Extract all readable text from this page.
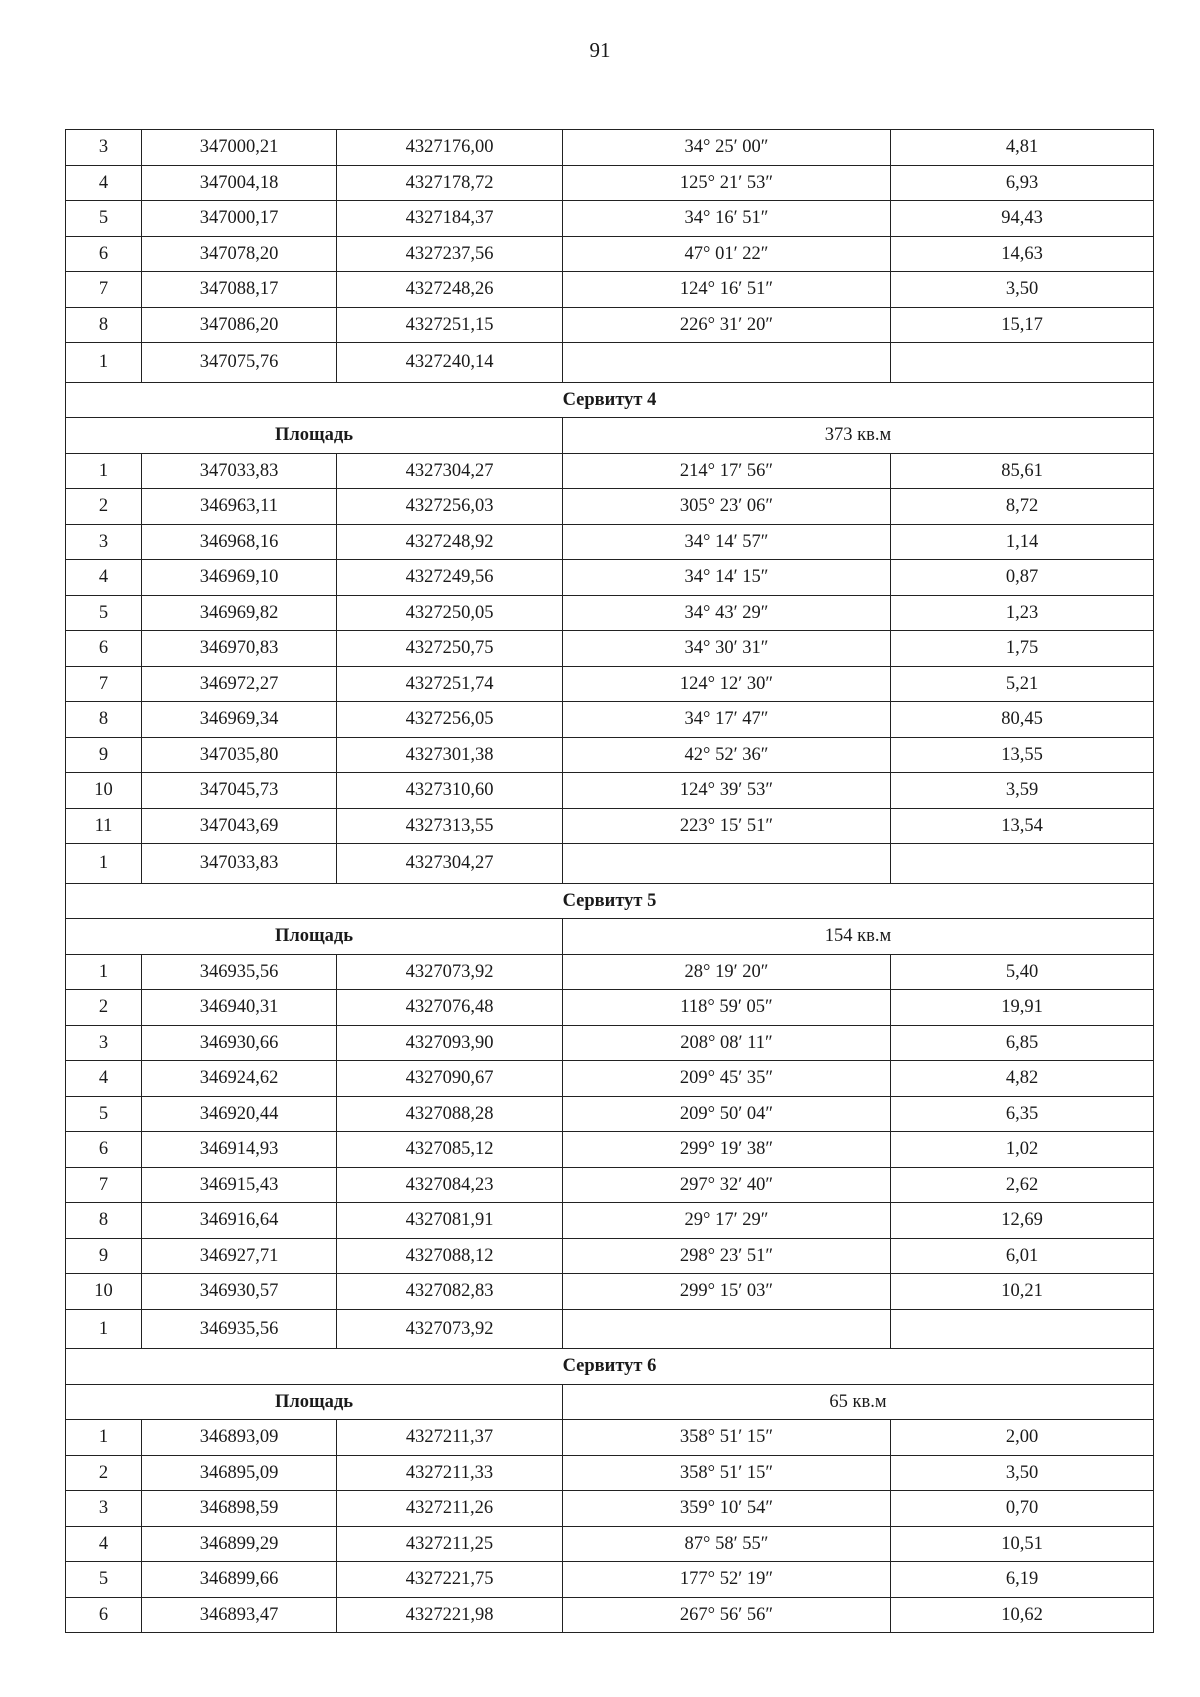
91
3	347000,21	4327176,00	34° 25′ 00″	4,81
4	347004,18	4327178,72	125° 21′ 53″	6,93
5	347000,17	4327184,37	34° 16′ 51″	94,43
6	347078,20	4327237,56	47° 01′ 22″	14,63
7	347088,17	4327248,26	124° 16′ 51″	3,50
8	347086,20	4327251,15	226° 31′ 20″	15,17
1	347075,76	4327240,14		
Сервитут 4				
Площадь			373 кв.м	
1	347033,83	4327304,27	214° 17′ 56″	85,61
2	346963,11	4327256,03	305° 23′ 06″	8,72
3	346968,16	4327248,92	34° 14′ 57″	1,14
4	346969,10	4327249,56	34° 14′ 15″	0,87
5	346969,82	4327250,05	34° 43′ 29″	1,23
6	346970,83	4327250,75	34° 30′ 31″	1,75
7	346972,27	4327251,74	124° 12′ 30″	5,21
8	346969,34	4327256,05	34° 17′ 47″	80,45
9	347035,80	4327301,38	42° 52′ 36″	13,55
10	347045,73	4327310,60	124° 39′ 53″	3,59
11	347043,69	4327313,55	223° 15′ 51″	13,54
1	347033,83	4327304,27		
Сервитут 5				
Площадь			154 кв.м	
1	346935,56	4327073,92	28° 19′ 20″	5,40
2	346940,31	4327076,48	118° 59′ 05″	19,91
3	346930,66	4327093,90	208° 08′ 11″	6,85
4	346924,62	4327090,67	209° 45′ 35″	4,82
5	346920,44	4327088,28	209° 50′ 04″	6,35
6	346914,93	4327085,12	299° 19′ 38″	1,02
7	346915,43	4327084,23	297° 32′ 40″	2,62
8	346916,64	4327081,91	29° 17′ 29″	12,69
9	346927,71	4327088,12	298° 23′ 51″	6,01
10	346930,57	4327082,83	299° 15′ 03″	10,21
1	346935,56	4327073,92		
Сервитут 6				
Площадь			65 кв.м	
1	346893,09	4327211,37	358° 51′ 15″	2,00
2	346895,09	4327211,33	358° 51′ 15″	3,50
3	346898,59	4327211,26	359° 10′ 54″	0,70
4	346899,29	4327211,25	87° 58′ 55″	10,51
5	346899,66	4327221,75	177° 52′ 19″	6,19
6	346893,47	4327221,98	267° 56′ 56″	10,62
